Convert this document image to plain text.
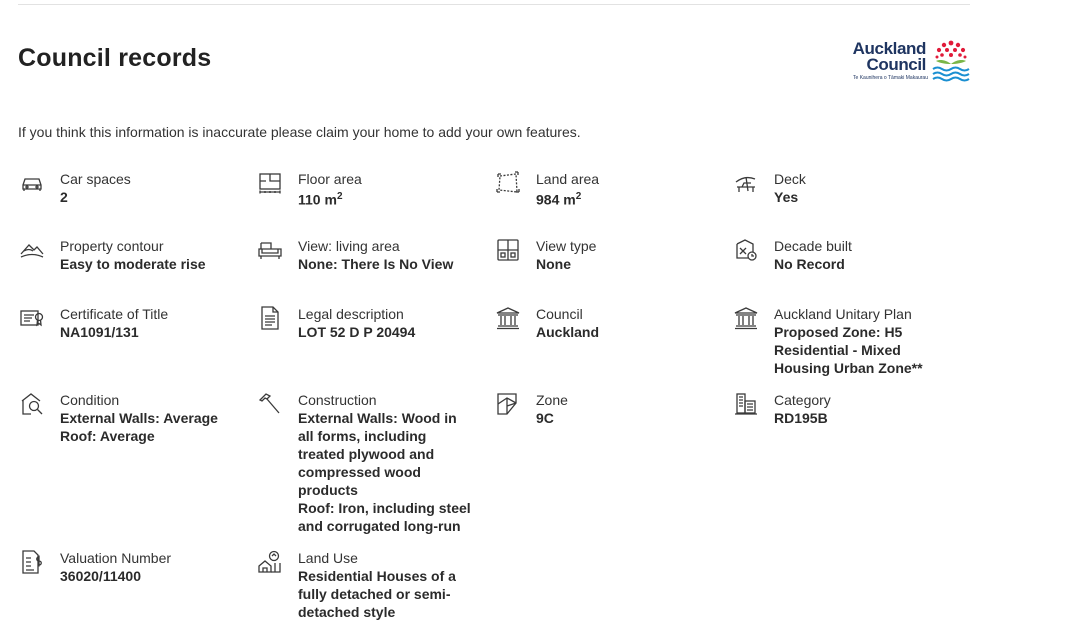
Council records	Auckland
Council
Te Kaunihera o Tāmaki Makaurau

If you think this information is inaccurate please claim your home to add your own features.

Car spaces
2
Floor area
110 $m^2$
Land area
984 $m^2$
Deck
Yes
Property contour
Easy to moderate rise
View: living area
None: There Is No View
View type
None
Decade built
No Record
Certificate of Title
NA1091/131
Legal description
LOT 52 D P 20494
Council
Auckland
Auckland Unitary Plan
Proposed Zone: H5
Residential - Mixed
Housing Urban Zone**
Condition
External Walls: Average
Roof: Average
Construction
External Walls: Wood in
all forms, including
treated plywood and
compressed wood
products
Roof: Iron, including steel
and corrugated long-run
Zone
9C
Category
RD195B
Valuation Number
36020/11400
Land Use
Residential Houses of a
fully detached or semi-
detached style
